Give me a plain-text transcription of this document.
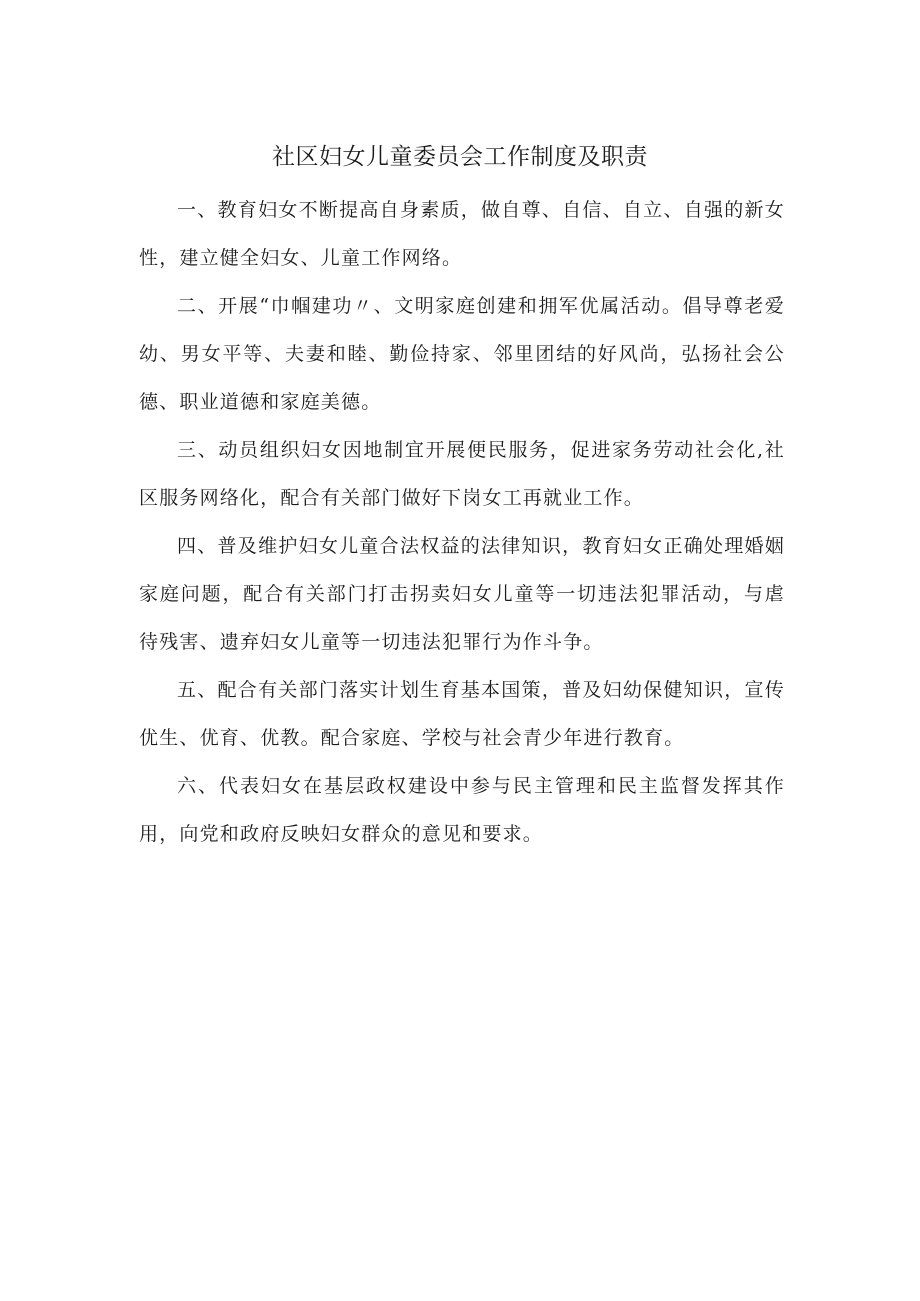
社区妇女儿童委员会工作制度及职责

一、教育妇女不断提高自身素质，做自尊、自信、自立、自强的新女性，建立健全妇女、儿童工作网络。

二、开展“巾帼建功〃、文明家庭创建和拥军优属活动。倡导尊老爱幼、男女平等、夫妻和睦、勤俭持家、邻里团结的好风尚，弘扬社会公德、职业道德和家庭美德。

三、动员组织妇女因地制宜开展便民服务，促进家务劳动社会化,社区服务网络化，配合有关部门做好下岗女工再就业工作。

四、普及维护妇女儿童合法权益的法律知识，教育妇女正确处理婚姻家庭问题，配合有关部门打击拐卖妇女儿童等一切违法犯罪活动，与虐待残害、遗弃妇女儿童等一切违法犯罪行为作斗争。

五、配合有关部门落实计划生育基本国策，普及妇幼保健知识，宣传优生、优育、优教。配合家庭、学校与社会青少年进行教育。

六、代表妇女在基层政权建设中参与民主管理和民主监督发挥其作用，向党和政府反映妇女群众的意见和要求。
